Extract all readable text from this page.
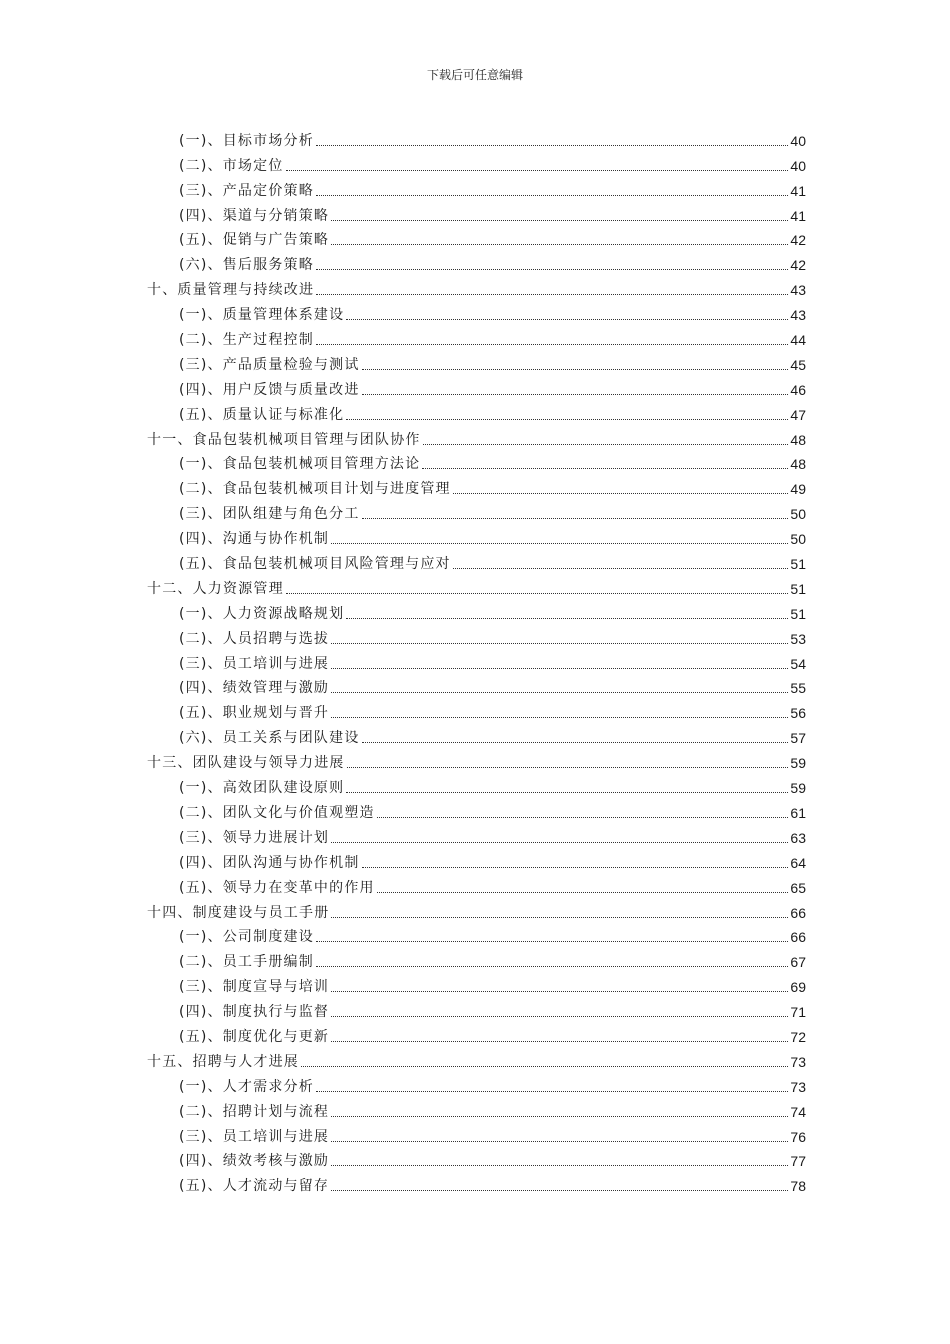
下载后可任意编辑
(一)、目标市场分析	40
(二)、市场定位	40
(三)、产品定价策略	41
(四)、渠道与分销策略	41
(五)、促销与广告策略	42
(六)、售后服务策略	42
十、质量管理与持续改进	43
(一)、质量管理体系建设	43
(二)、生产过程控制	44
(三)、产品质量检验与测试	45
(四)、用户反馈与质量改进	46
(五)、质量认证与标准化	47
十一、食品包装机械项目管理与团队协作	48
(一)、食品包装机械项目管理方法论	48
(二)、食品包装机械项目计划与进度管理	49
(三)、团队组建与角色分工	50
(四)、沟通与协作机制	50
(五)、食品包装机械项目风险管理与应对	51
十二、人力资源管理	51
(一)、人力资源战略规划	51
(二)、人员招聘与选拔	53
(三)、员工培训与进展	54
(四)、绩效管理与激励	55
(五)、职业规划与晋升	56
(六)、员工关系与团队建设	57
十三、团队建设与领导力进展	59
(一)、高效团队建设原则	59
(二)、团队文化与价值观塑造	61
(三)、领导力进展计划	63
(四)、团队沟通与协作机制	64
(五)、领导力在变革中的作用	65
十四、制度建设与员工手册	66
(一)、公司制度建设	66
(二)、员工手册编制	67
(三)、制度宣导与培训	69
(四)、制度执行与监督	71
(五)、制度优化与更新	72
十五、招聘与人才进展	73
(一)、人才需求分析	73
(二)、招聘计划与流程	74
(三)、员工培训与进展	76
(四)、绩效考核与激励	77
(五)、人才流动与留存	78
